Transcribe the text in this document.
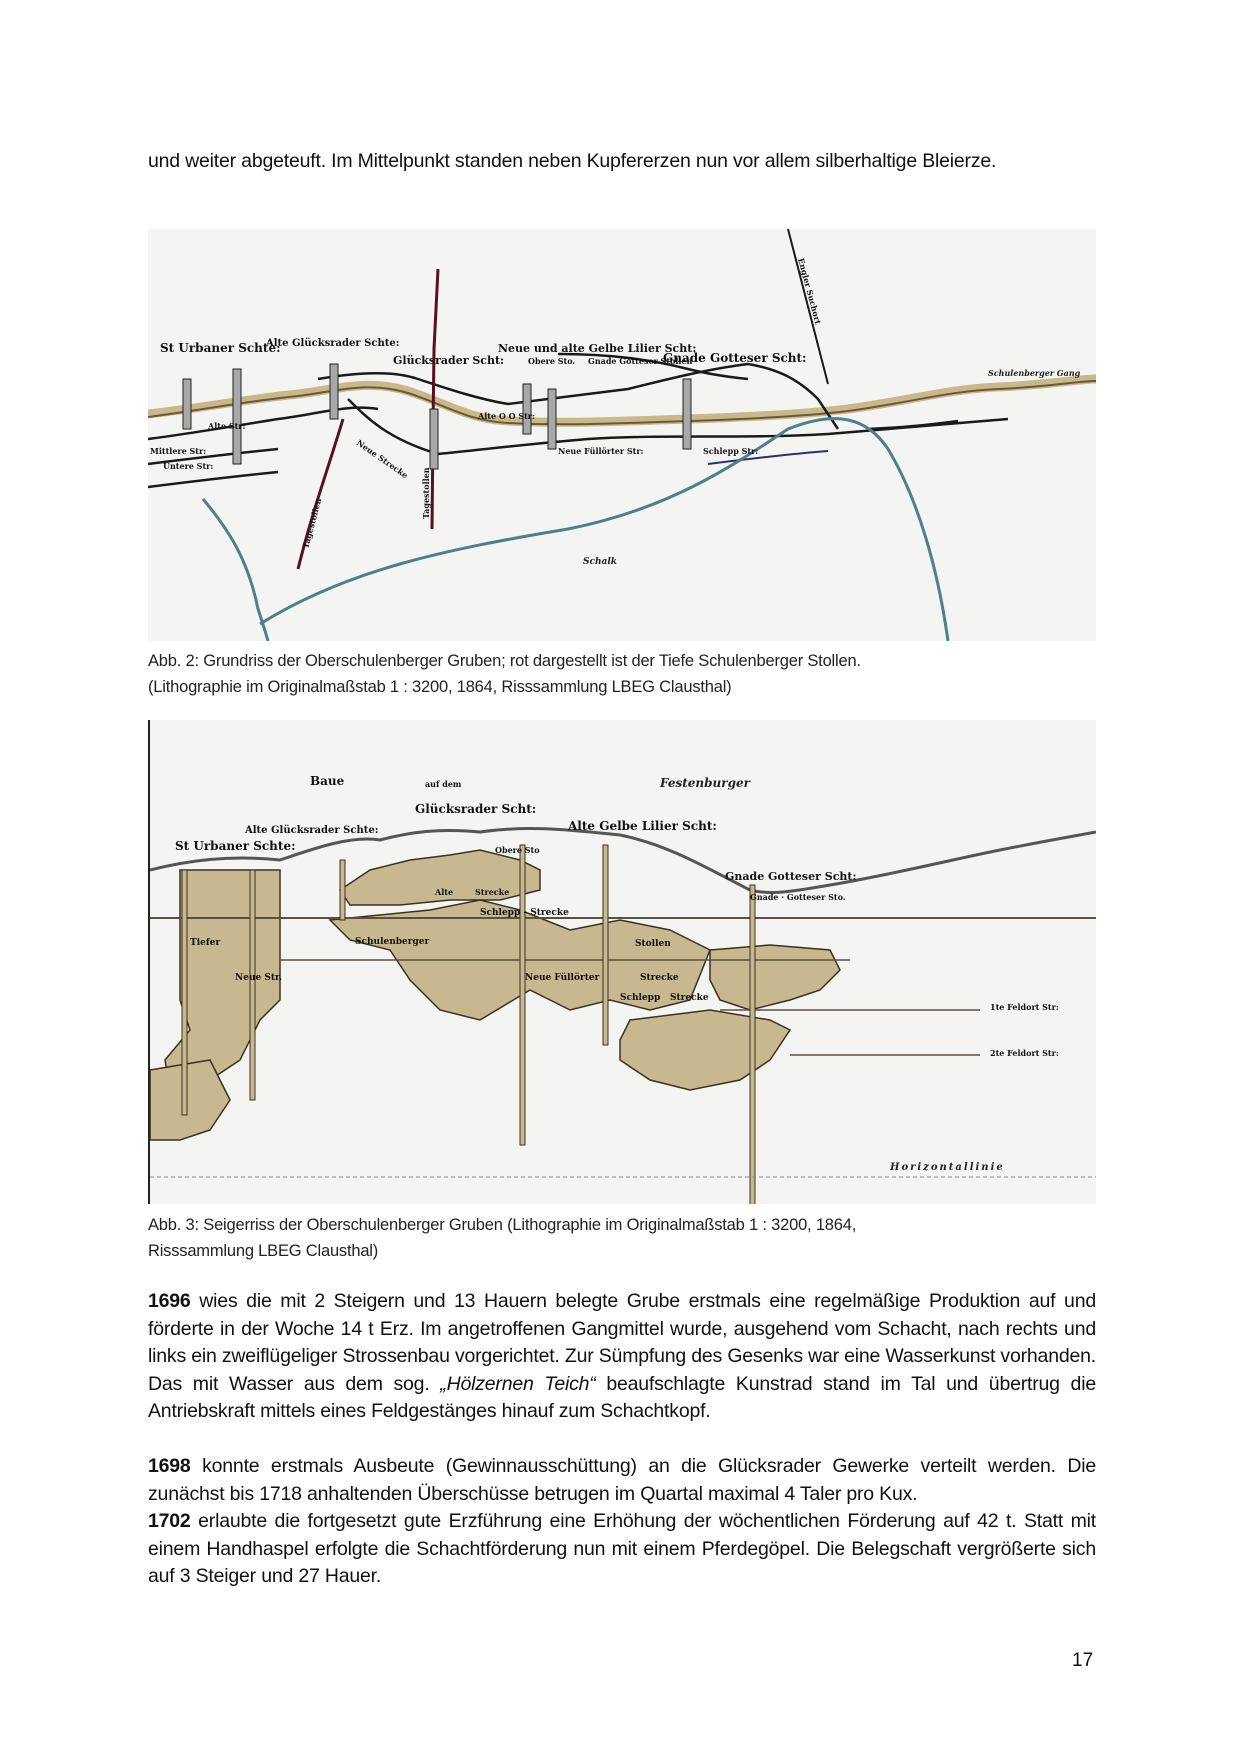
und weiter abgeteuft. Im Mittelpunkt standen neben Kupfererzen nun vor allem silberhaltige Bleierze.
St Urbaner Schte:
Alte Glücksrader Schte:
Glücksrader Scht:
Neue und alte Gelbe Lilier Scht:
Gnade Gotteser Scht:
Gnade Gotteser Stollen
Obere Sto.
Alte Str:
Mittlere Str:
Untere Str:	Neue Strecke
Tagestollen
Tagestollen
Alte O O Str:
Neue Füllörter Str:	Schlepp Str:
Engler Suchort
Schulenberger Gang
Schalk
Abb. 2: Grundriss der Oberschulenberger Gruben; rot dargestellt ist der Tiefe Schulenberger Stollen.
(Lithographie im Originalmaßstab 1 : 3200, 1864, Risssammlung LBEG Clausthal)
Baue	auf dem	Festenburger
Glücksrader Scht:
Alte Glücksrader Schte:	Alte Gelbe Lilier Scht:
St Urbaner Schte:
Gnade Gotteser Scht:
Gnade · Gotteser Sto.
Obere Sto
Alte	Strecke
Schlepp - Strecke
Tiefer	Schulenberger	Stollen
Neue Str.	Neue Füllörter	Strecke
Schlepp Strecke
1te Feldort Str:
2te Feldort Str:
Horizontallinie
Abb. 3: Seigerriss der Oberschulenberger Gruben (Lithographie im Originalmaßstab 1 : 3200, 1864,
Risssammlung LBEG Clausthal)
1696 wies die mit 2 Steigern und 13 Hauern belegte Grube erstmals eine regelmäßige Produktion auf und förderte in der Woche 14 t Erz. Im angetroffenen Gangmittel wurde, ausgehend vom Schacht, nach rechts und links ein zweiflügeliger Strossenbau vorgerichtet. Zur Sümpfung des Gesenks war eine Wasserkunst vorhanden. Das mit Wasser aus dem sog. „Hölzernen Teich“ beaufschlagte Kunstrad stand im Tal und übertrug die Antriebskraft mittels eines Feldgestänges hinauf zum Schachtkopf.
1698 konnte erstmals Ausbeute (Gewinnausschüttung) an die Glücksrader Gewerke verteilt werden. Die zunächst bis 1718 anhaltenden Überschüsse betrugen im Quartal maximal 4 Taler pro Kux.
1702 erlaubte die fortgesetzt gute Erzführung eine Erhöhung der wöchentlichen Förderung auf 42 t. Statt mit einem Handhaspel erfolgte die Schachtförderung nun mit einem Pferdegöpel. Die Belegschaft vergrößerte sich auf 3 Steiger und 27 Hauer.
17
